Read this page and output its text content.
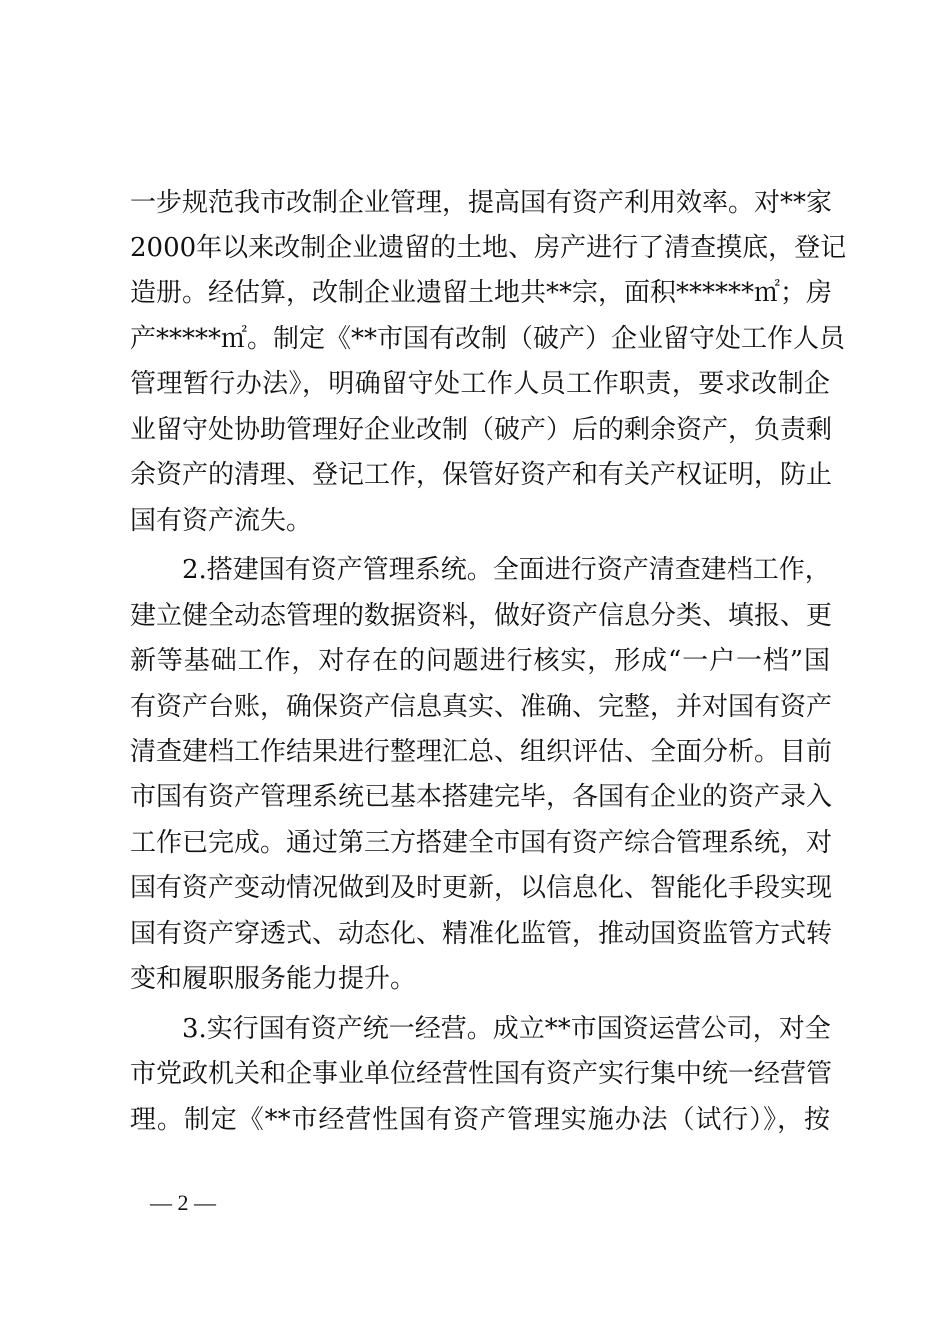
一步规范我市改制企业管理，提高国有资产利用效率。对**家
2000年以来改制企业遗留的土地、房产进行了清查摸底，登记
造册。经估算，改制企业遗留土地共**宗，面积******㎡；房
产*****㎡。制定《**市国有改制（破产）企业留守处工作人员
管理暂行办法》，明确留守处工作人员工作职责，要求改制企
业留守处协助管理好企业改制（破产）后的剩余资产，负责剩
余资产的清理、登记工作，保管好资产和有关产权证明，防止
国有资产流失。
2.搭建国有资产管理系统。全面进行资产清查建档工作，
建立健全动态管理的数据资料，做好资产信息分类、填报、更
新等基础工作，对存在的问题进行核实，形成“一户一档”国
有资产台账，确保资产信息真实、准确、完整，并对国有资产
清查建档工作结果进行整理汇总、组织评估、全面分析。目前
市国有资产管理系统已基本搭建完毕，各国有企业的资产录入
工作已完成。通过第三方搭建全市国有资产综合管理系统，对
国有资产变动情况做到及时更新，以信息化、智能化手段实现
国有资产穿透式、动态化、精准化监管，推动国资监管方式转
变和履职服务能力提升。
3.实行国有资产统一经营。成立**市国资运营公司，对全
市党政机关和企事业单位经营性国有资产实行集中统一经营管
理。制定《**市经营性国有资产管理实施办法（试行）》，按
— 2 —
